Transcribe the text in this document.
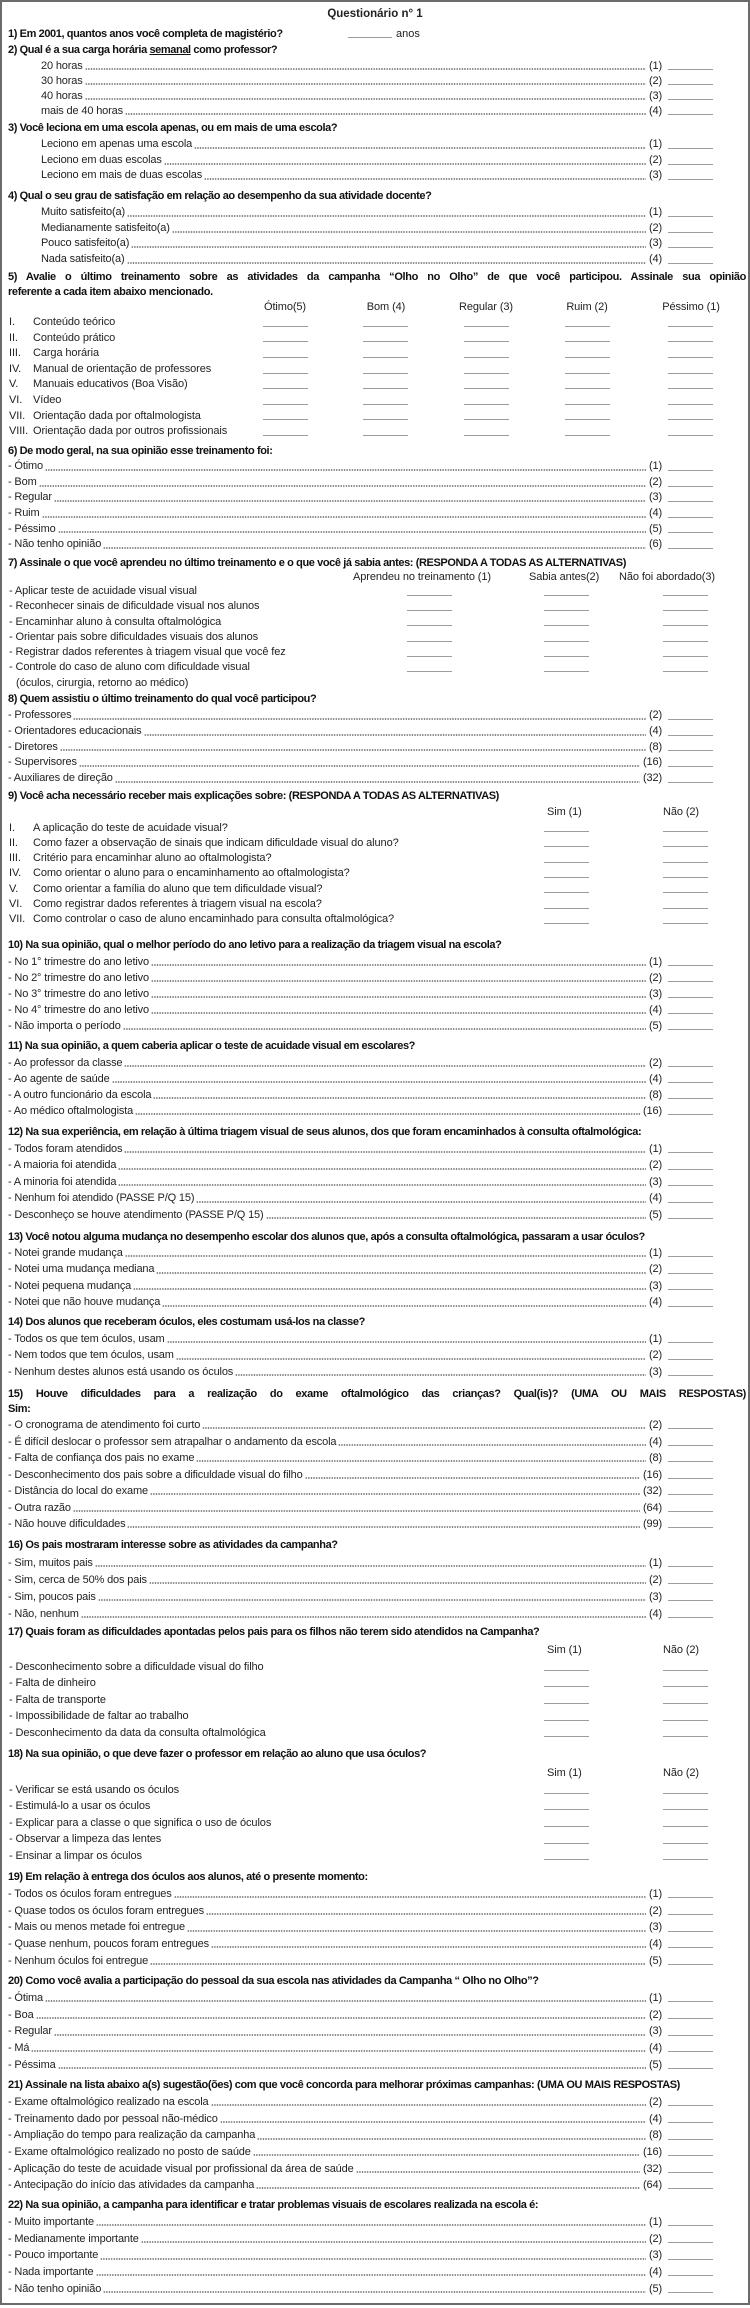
Questionário n° 1
1) Em 2001, quantos anos você completa de magistério?	anos
2) Qual é a sua carga horária semanal como professor?
20 horas	(1)
30 horas	(2)
40 horas	(3)
mais de 40 horas	(4)
3) Você leciona em uma escola apenas, ou em mais de uma escola?
Leciono em apenas uma escola	(1)
Leciono em duas escolas	(2)
Leciono em mais de duas escolas	(3)
4) Qual o seu grau de satisfação em relação ao desempenho da sua atividade docente?
Muito satisfeito(a)	(1)
Medianamente satisfeito(a)	(2)
Pouco satisfeito(a)	(3)
Nada satisfeito(a)	(4)
5) Avalie o último treinamento sobre as atividades da campanha “Olho no Olho” de que você participou. Assinale sua opinião
referente a cada item abaixo mencionado.
Ótimo(5)	Bom (4)	Regular (3)	Ruim (2)	Péssimo (1)
I. Conteúdo teórico
II. Conteúdo prático
III. Carga horária
IV. Manual de orientação de professores
V. Manuais educativos (Boa Visão)
VI. Vídeo
VII. Orientação dada por oftalmologista
VIII. Orientação dada por outros profissionais
6) De modo geral, na sua opinião esse treinamento foi:
- Ótimo	(1)
- Bom	(2)
- Regular	(3)
- Ruim	(4)
- Péssimo	(5)
- Não tenho opinião	(6)
7) Assinale o que você aprendeu no último treinamento e o que você já sabia antes: (RESPONDA A TODAS AS ALTERNATIVAS)
Aprendeu no treinamento (1)	Sabia antes(2) Não foi abordado(3)
- Aplicar teste de acuidade visual visual
- Reconhecer sinais de dificuldade visual nos alunos
- Encaminhar aluno à consulta oftalmológica
- Orientar pais sobre dificuldades visuais dos alunos
- Registrar dados referentes à triagem visual que você fez
- Controle do caso de aluno com dificuldade visual
(óculos, cirurgia, retorno ao médico)
8) Quem assistiu o último treinamento do qual você participou?
- Professores	(2)
- Orientadores educacionais	(4)
- Diretores	(8)
- Supervisores	(16)
- Auxiliares de direção	(32)
9) Você acha necessário receber mais explicações sobre: (RESPONDA A TODAS AS ALTERNATIVAS)
Sim (1)	Não (2)
I. A aplicação do teste de acuidade visual?
II. Como fazer a observação de sinais que indicam dificuldade visual do aluno?
III. Critério para encaminhar aluno ao oftalmologista?
IV. Como orientar o aluno para o encaminhamento ao oftalmologista?
V. Como orientar a família do aluno que tem dificuldade visual?
VI. Como registrar dados referentes à triagem visual na escola?
VII. Como controlar o caso de aluno encaminhado para consulta oftalmológica?
10) Na sua opinião, qual o melhor período do ano letivo para a realização da triagem visual na escola?
- No 1° trimestre do ano letivo	(1)
- No 2° trimestre do ano letivo	(2)
- No 3° trimestre do ano letivo	(3)
- No 4° trimestre do ano letivo	(4)
- Não importa o período	(5)
11) Na sua opinião, a quem caberia aplicar o teste de acuidade visual em escolares?
- Ao professor da classe	(2)
- Ao agente de saúde	(4)
- A outro funcionário da escola	(8)
- Ao médico oftalmologista	(16)
12) Na sua experiência, em relação à última triagem visual de seus alunos, dos que foram encaminhados à consulta oftalmológica:
- Todos foram atendidos	(1)
- A maioria foi atendida	(2)
- A minoria foi atendida	(3)
- Nenhum foi atendido (PASSE P/Q 15)	(4)
- Desconheço se houve atendimento (PASSE P/Q 15)	(5)
13) Você notou alguma mudança no desempenho escolar dos alunos que, após a consulta oftalmológica, passaram a usar óculos?
- Notei grande mudança	(1)
- Notei uma mudança mediana	(2)
- Notei pequena mudança	(3)
- Notei que não houve mudança	(4)
14) Dos alunos que receberam óculos, eles costumam usá-los na classe?
- Todos os que tem óculos, usam	(1)
- Nem todos que tem óculos, usam	(2)
- Nenhum destes alunos está usando os óculos	(3)
15) Houve dificuldades para a realização do exame oftalmológico das crianças? Qual(is)? (UMA OU MAIS RESPOSTAS)
Sim:
- O cronograma de atendimento foi curto	(2)
- É difícil deslocar o professor sem atrapalhar o andamento da escola	(4)
- Falta de confiança dos pais no exame	(8)
- Desconhecimento dos pais sobre a dificuldade visual do filho	(16)
- Distância do local do exame	(32)
- Outra razão	(64)
- Não houve dificuldades	(99)
16) Os pais mostraram interesse sobre as atividades da campanha?
- Sim, muitos pais	(1)
- Sim, cerca de 50% dos pais	(2)
- Sim, poucos pais	(3)
- Não, nenhum	(4)
17) Quais foram as dificuldades apontadas pelos pais para os filhos não terem sido atendidos na Campanha?
Sim (1)	Não (2)
- Desconhecimento sobre a dificuldade visual do filho
- Falta de dinheiro
- Falta de transporte
- Impossibilidade de faltar ao trabalho
- Desconhecimento da data da consulta oftalmológica
18) Na sua opinião, o que deve fazer o professor em relação ao aluno que usa óculos?
Sim (1)	Não (2)
- Verificar se está usando os óculos
- Estimulá-lo a usar os óculos
- Explicar para a classe o que significa o uso de óculos
- Observar a limpeza das lentes
- Ensinar a limpar os óculos
19) Em relação à entrega dos óculos aos alunos, até o presente momento:
- Todos os óculos foram entregues	(1)
- Quase todos os óculos foram entregues	(2)
- Mais ou menos metade foi entregue	(3)
- Quase nenhum, poucos foram entregues	(4)
- Nenhum óculos foi entregue	(5)
20) Como você avalia a participação do pessoal da sua escola nas atividades da Campanha “ Olho no Olho”?
- Ótima	(1)
- Boa	(2)
- Regular	(3)
- Má	(4)
- Péssima	(5)
21) Assinale na lista abaixo a(s) sugestão(ões) com que você concorda para melhorar próximas campanhas: (UMA OU MAIS RESPOSTAS)
- Exame oftalmológico realizado na escola	(2)
- Treinamento dado por pessoal não-médico	(4)
- Ampliação do tempo para realização da campanha	(8)
- Exame oftalmológico realizado no posto de saúde	(16)
- Aplicação do teste de acuidade visual por profissional da área de saúde	(32)
- Antecipação do início das atividades da campanha	(64)
22) Na sua opinião, a campanha para identificar e tratar problemas visuais de escolares realizada na escola é:
- Muito importante	(1)
- Medianamente importante	(2)
- Pouco importante	(3)
- Nada importante	(4)
- Não tenho opinião	(5)
